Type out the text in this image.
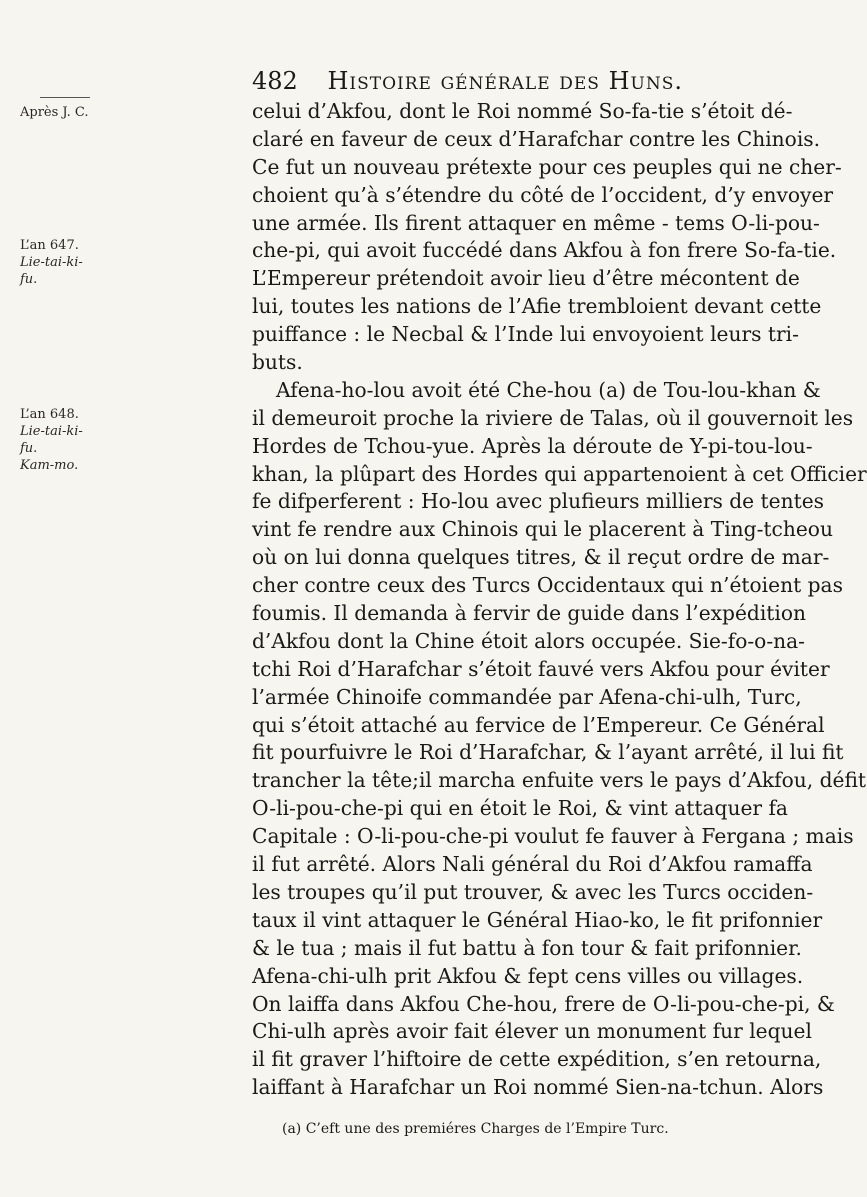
482 Histoire générale des Huns.
Après J. C.
L’an 647.
Lie-tai-ki-
fu.
L’an 648.
Lie-tai-ki-
fu.
Kam-mo.
celui d’Akfou, dont le Roi nommé So-fa-tie s’étoit dé-
claré en faveur de ceux d’Harafchar contre les Chinois.
Ce fut un nouveau prétexte pour ces peuples qui ne cher-
choient qu’à s’étendre du côté de l’occident, d’y envoyer
une armée. Ils firent attaquer en même - tems O-li-pou-
che-pi, qui avoit fuccédé dans Akfou à fon frere So-fa-tie.
L’Empereur prétendoit avoir lieu d’être mécontent de
lui, toutes les nations de l’Afie trembloient devant cette
puiffance : le Necbal & l’Inde lui envoyoient leurs tri-
buts.
Afena-ho-lou avoit été Che-hou (a) de Tou-lou-khan &
il demeuroit proche la riviere de Talas, où il gouvernoit les
Hordes de Tchou-yue. Après la déroute de Y-pi-tou-lou-
khan, la plûpart des Hordes qui appartenoient à cet Officier
fe difperferent : Ho-lou avec plufieurs milliers de tentes
vint fe rendre aux Chinois qui le placerent à Ting-tcheou
où on lui donna quelques titres, & il reçut ordre de mar-
cher contre ceux des Turcs Occidentaux qui n’étoient pas
foumis. Il demanda à fervir de guide dans l’expédition
d’Akfou dont la Chine étoit alors occupée. Sie-fo-o-na-
tchi Roi d’Harafchar s’étoit fauvé vers Akfou pour éviter
l’armée Chinoife commandée par Afena-chi-ulh, Turc,
qui s’étoit attaché au fervice de l’Empereur. Ce Général
fit pourfuivre le Roi d’Harafchar, & l’ayant arrêté, il lui fit
trancher la tête;il marcha enfuite vers le pays d’Akfou, défit
O-li-pou-che-pi qui en étoit le Roi, & vint attaquer fa
Capitale : O-li-pou-che-pi voulut fe fauver à Fergana ; mais
il fut arrêté. Alors Nali général du Roi d’Akfou ramaffa
les troupes qu’il put trouver, & avec les Turcs occiden-
taux il vint attaquer le Général Hiao-ko, le fit prifonnier
& le tua ; mais il fut battu à fon tour & fait prifonnier.
Afena-chi-ulh prit Akfou & fept cens villes ou villages.
On laiffa dans Akfou Che-hou, frere de O-li-pou-che-pi, &
Chi-ulh après avoir fait élever un monument fur lequel
il fit graver l’hiftoire de cette expédition, s’en retourna,
laiffant à Harafchar un Roi nommé Sien-na-tchun. Alors
(a) C’eft une des premiéres Charges de l’Empire Turc.
